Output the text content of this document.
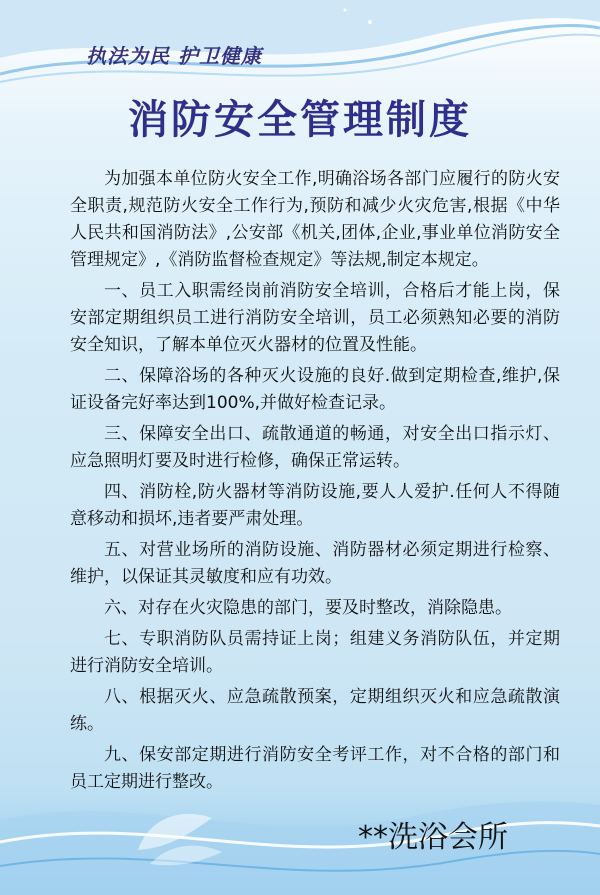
执法为民 护卫健康

消防安全管理制度

为加强本单位防火安全工作,明确浴场各部门应履行的防火安全职责,规范防火安全工作行为,预防和减少火灾危害,根据《中华人民共和国消防法》,公安部《机关,团体,企业,事业单位消防安全管理规定》,《消防监督检查规定》等法规,制定本规定。

一、员工入职需经岗前消防安全培训，合格后才能上岗，保安部定期组织员工进行消防安全培训，员工必须熟知必要的消防安全知识，了解本单位灭火器材的位置及性能。

二、保障浴场的各种灭火设施的良好.做到定期检查,维护,保证设备完好率达到100%,并做好检查记录。

三、保障安全出口、疏散通道的畅通，对安全出口指示灯、应急照明灯要及时进行检修，确保正常运转。

四、消防栓,防火器材等消防设施,要人人爱护.任何人不得随意移动和损坏,违者要严肃处理。

五、对营业场所的消防设施、消防器材必须定期进行检察、维护，以保证其灵敏度和应有功效。

六、对存在火灾隐患的部门，要及时整改，消除隐患。

七、专职消防队员需持证上岗；组建义务消防队伍，并定期进行消防安全培训。

八、根据灭火、应急疏散预案，定期组织灭火和应急疏散演练。

九、保安部定期进行消防安全考评工作，对不合格的部门和员工定期进行整改。

**洗浴会所
